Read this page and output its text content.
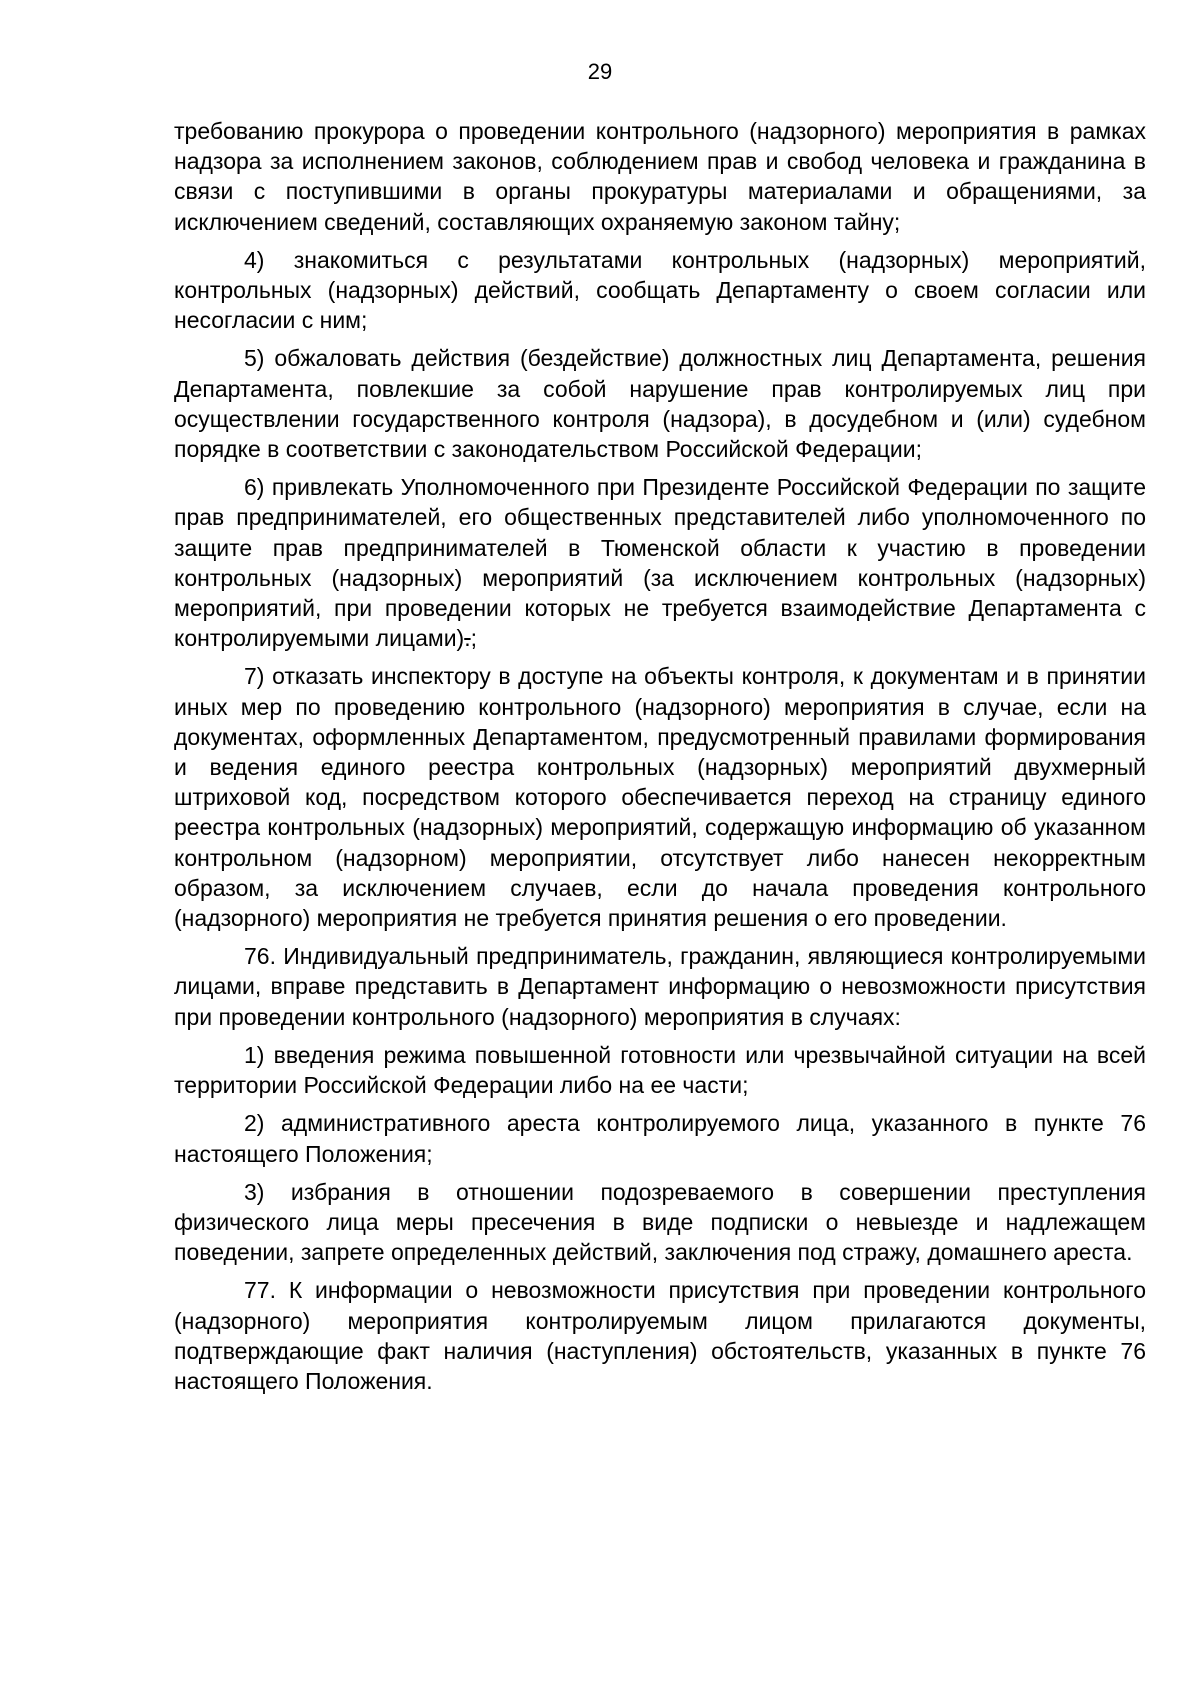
29

требованию прокурора о проведении контрольного (надзорного) мероприятия в рамках надзора за исполнением законов, соблюдением прав и свобод человека и гражданина в связи с поступившими в органы прокуратуры материалами и обращениями, за исключением сведений, составляющих охраняемую законом тайну;

4) знакомиться с результатами контрольных (надзорных) мероприятий, контрольных (надзорных) действий, сообщать Департаменту о своем согласии или несогласии с ним;

5) обжаловать действия (бездействие) должностных лиц Департамента, решения Департамента, повлекшие за собой нарушение прав контролируемых лиц при осуществлении государственного контроля (надзора), в досудебном и (или) судебном порядке в соответствии с законодательством Российской Федерации;

6) привлекать Уполномоченного при Президенте Российской Федерации по защите прав предпринимателей, его общественных представителей либо уполномоченного по защите прав предпринимателей в Тюменской области к участию в проведении контрольных (надзорных) мероприятий (за исключением контрольных (надзорных) мероприятий, при проведении которых не требуется взаимодействие Департамента с контролируемыми лицами).;

7) отказать инспектору в доступе на объекты контроля, к документам и в принятии иных мер по проведению контрольного (надзорного) мероприятия в случае, если на документах, оформленных Департаментом, предусмотренный правилами формирования и ведения единого реестра контрольных (надзорных) мероприятий двухмерный штриховой код, посредством которого обеспечивается переход на страницу единого реестра контрольных (надзорных) мероприятий, содержащую информацию об указанном контрольном (надзорном) мероприятии, отсутствует либо нанесен некорректным образом, за исключением случаев, если до начала проведения контрольного (надзорного) мероприятия не требуется принятия решения о его проведении.

76. Индивидуальный предприниматель, гражданин, являющиеся контролируемыми лицами, вправе представить в Департамент информацию о невозможности присутствия при проведении контрольного (надзорного) мероприятия в случаях:

1) введения режима повышенной готовности или чрезвычайной ситуации на всей территории Российской Федерации либо на ее части;

2) административного ареста контролируемого лица, указанного в пункте 76 настоящего Положения;

3) избрания в отношении подозреваемого в совершении преступления физического лица меры пресечения в виде подписки о невыезде и надлежащем поведении, запрете определенных действий, заключения под стражу, домашнего ареста.

77. К информации о невозможности присутствия при проведении контрольного (надзорного) мероприятия контролируемым лицом прилагаются документы, подтверждающие факт наличия (наступления) обстоятельств, указанных в пункте 76 настоящего Положения.
